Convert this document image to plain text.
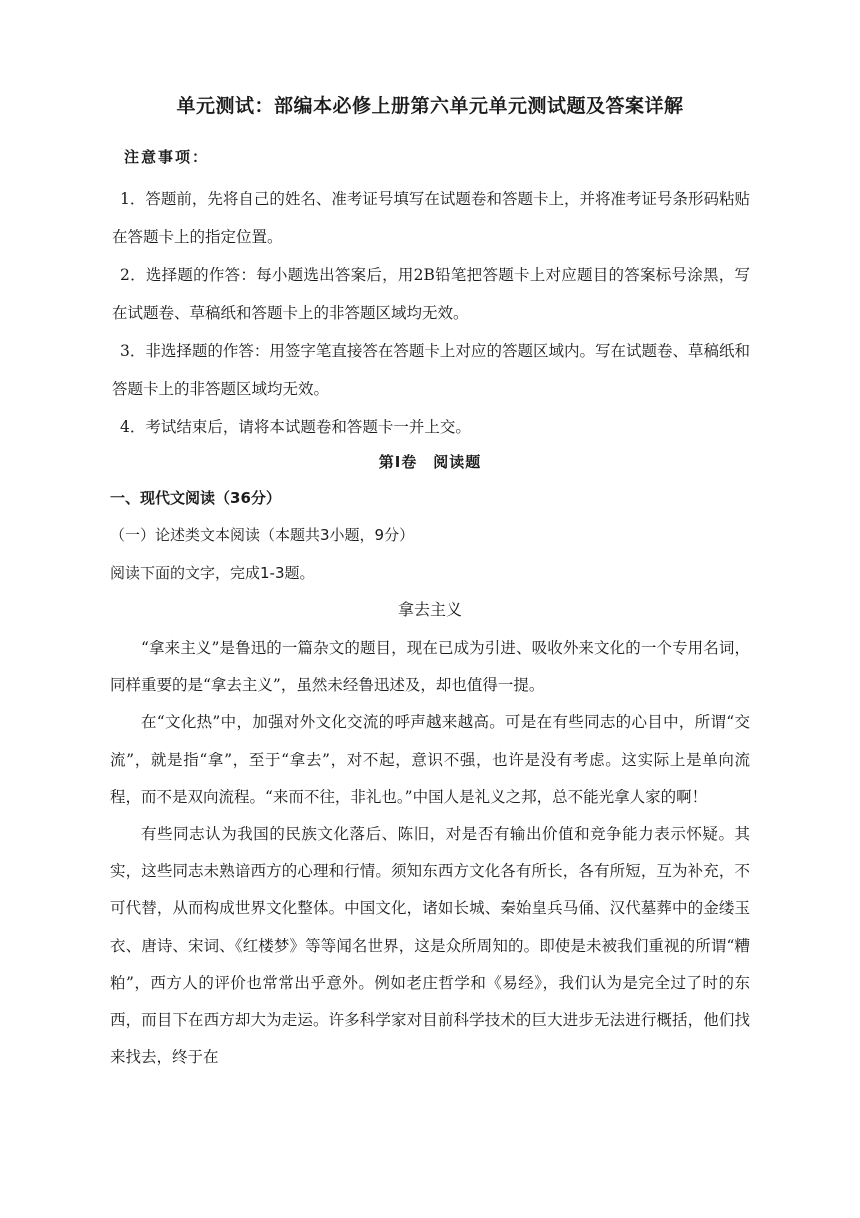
单元测试：部编本必修上册第六单元单元测试题及答案详解
注意事项：

1．答题前，先将自己的姓名、准考证号填写在试题卷和答题卡上，并将准考证号条形码粘贴在答题卡上的指定位置。

2．选择题的作答：每小题选出答案后，用2B铅笔把答题卡上对应题目的答案标号涂黑，写在试题卷、草稿纸和答题卡上的非答题区域均无效。

3．非选择题的作答：用签字笔直接答在答题卡上对应的答题区域内。写在试题卷、草稿纸和答题卡上的非答题区域均无效。

4．考试结束后，请将本试题卷和答题卡一并上交。

第Ⅰ卷　阅读题
一、现代文阅读（36分）
（一）论述类文本阅读（本题共3小题，9分）
阅读下面的文字，完成1-3题。
拿去主义

“拿来主义”是鲁迅的一篇杂文的题目，现在已成为引进、吸收外来文化的一个专用名词，同样重要的是“拿去主义”，虽然未经鲁迅述及，却也值得一提。

在“文化热”中，加强对外文化交流的呼声越来越高。可是在有些同志的心目中，所谓“交流”，就是指“拿”，至于“拿去”，对不起，意识不强，也许是没有考虑。这实际上是单向流程，而不是双向流程。“来而不往，非礼也。”中国人是礼义之邦，总不能光拿人家的啊！

有些同志认为我国的民族文化落后、陈旧，对是否有输出价值和竞争能力表示怀疑。其实，这些同志未熟谙西方的心理和行情。须知东西方文化各有所长，各有所短，互为补充，不可代替，从而构成世界文化整体。中国文化，诸如长城、秦始皇兵马俑、汉代墓葬中的金缕玉衣、唐诗、宋词、《红楼梦》等等闻名世界，这是众所周知的。即使是未被我们重视的所谓“糟粕”，西方人的评价也常常出乎意外。例如老庄哲学和《易经》，我们认为是完全过了时的东西，而目下在西方却大为走运。许多科学家对目前科学技术的巨大进步无法进行概括，他们找来找去，终于在
